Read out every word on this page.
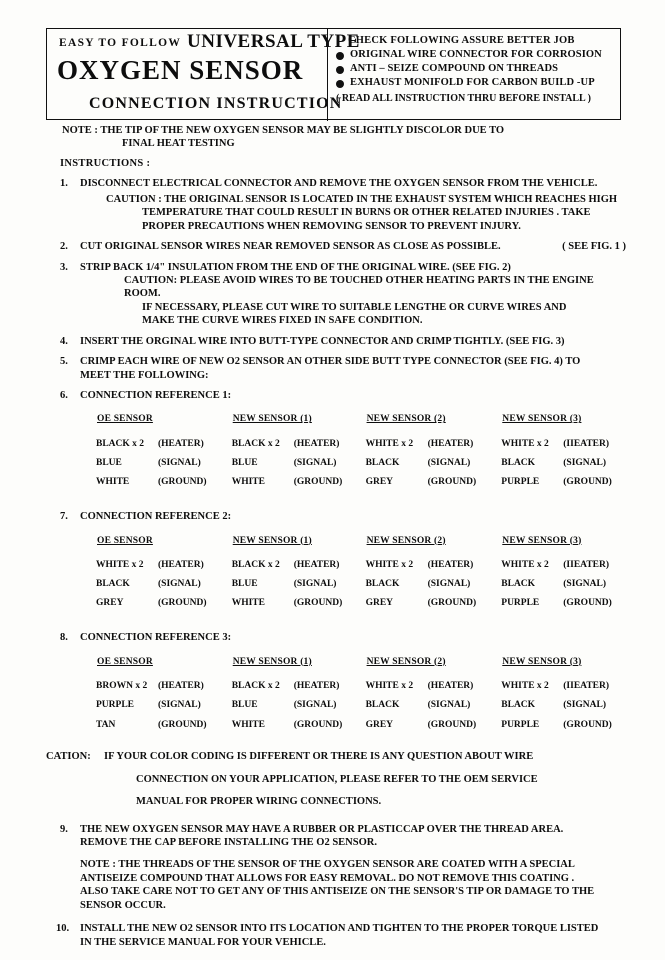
EASY TO FOLLOW UNIVERSAL TYPE
OXYGEN SENSOR
CONNECTION INSTRUCTION
CHECK FOLLOWING ASSURE BETTER JOB
ORIGINAL WIRE CONNECTOR FOR CORROSION
ANTI – SEIZE COMPOUND ON THREADS
EXHAUST MONIFOLD FOR CARBON BUILD -UP
( READ ALL INSTRUCTION THRU BEFORE INSTALL )
NOTE : THE TIP OF THE NEW OXYGEN SENSOR MAY BE SLIGHTLY DISCOLOR DUE TO
FINAL HEAT TESTING
INSTRUCTIONS :
1. DISCONNECT ELECTRICAL CONNECTOR AND REMOVE THE OXYGEN SENSOR FROM THE VEHICLE.
CAUTION : THE ORIGINAL SENSOR IS LOCATED IN THE EXHAUST SYSTEM WHICH REACHES HIGH
TEMPERATURE THAT COULD RESULT IN BURNS OR OTHER RELATED INJURIES . TAKE
PROPER PRECAUTIONS WHEN REMOVING SENSOR TO PREVENT INJURY.
2. CUT ORIGINAL SENSOR WIRES NEAR REMOVED SENSOR AS CLOSE AS POSSIBLE.	( SEE FIG. 1 )
3. STRIP BACK 1/4" INSULATION FROM THE END OF THE ORIGINAL WIRE. (SEE FIG. 2)
CAUTION: PLEASE AVOID WIRES TO BE TOUCHED OTHER HEATING PARTS IN THE ENGINE ROOM.
IF NECESSARY, PLEASE CUT WIRE TO SUITABLE LENGTHE OR CURVE WIRES AND
MAKE THE CURVE WIRES FIXED IN SAFE CONDITION.
4. INSERT THE ORGINAL WIRE INTO BUTT-TYPE CONNECTOR AND CRIMP TIGHTLY. (SEE FIG. 3)
5. CRIMP EACH WIRE OF NEW O2 SENSOR AN OTHER SIDE BUTT TYPE CONNECTOR (SEE FIG. 4) TO
MEET THE FOLLOWING:
6. CONNECTION REFERENCE 1:
OE SENSOR	NEW SENSOR (1)	NEW SENSOR (2)	NEW SENSOR (3)
BLACK x 2 (HEATER)	BLACK x 2 (HEATER)	WHITE x 2 (HEATER)	WHITE x 2 (IIEATER)
BLUE (SIGNAL)	BLUE (SIGNAL)	BLACK (SIGNAL)	BLACK (SIGNAL)
WHITE (GROUND)	WHITE (GROUND)	GREY (GROUND)	PURPLE (GROUND)
7. CONNECTION REFERENCE 2:
OE SENSOR	NEW SENSOR (1)	NEW SENSOR (2)	NEW SENSOR (3)
WHITE x 2 (HEATER)	BLACK x 2 (HEATER)	WHITE x 2 (HEATER)	WHITE x 2 (IIEATER)
BLACK (SIGNAL)	BLUE (SIGNAL)	BLACK (SIGNAL)	BLACK (SIGNAL)
GREY (GROUND)	WHITE (GROUND)	GREY (GROUND)	PURPLE (GROUND)
8. CONNECTION REFERENCE 3:
OE SENSOR	NEW SENSOR (1)	NEW SENSOR (2)	NEW SENSOR (3)
BROWN x 2 (HEATER)	BLACK x 2 (HEATER)	WHITE x 2 (HEATER)	WHITE x 2 (IIEATER)
PURPLE (SIGNAL)	BLUE (SIGNAL)	BLACK (SIGNAL)	BLACK (SIGNAL)
TAN (GROUND)	WHITE (GROUND)	GREY (GROUND)	PURPLE (GROUND)
CATION: IF YOUR COLOR CODING IS DIFFERENT OR THERE IS ANY QUESTION ABOUT WIRE
CONNECTION ON YOUR APPLICATION, PLEASE REFER TO THE OEM SERVICE
MANUAL FOR PROPER WIRING CONNECTIONS.
9. THE NEW OXYGEN SENSOR MAY HAVE A RUBBER OR PLASTICCAP OVER THE THREAD AREA.
REMOVE THE CAP BEFORE INSTALLING THE O2 SENSOR.
NOTE : THE THREADS OF THE SENSOR OF THE OXYGEN SENSOR ARE COATED WITH A SPECIAL
ANTISEIZE COMPOUND THAT ALLOWS FOR EASY REMOVAL. DO NOT REMOVE THIS COATING .
ALSO TAKE CARE NOT TO GET ANY OF THIS ANTISEIZE ON THE SENSOR'S TIP OR DAMAGE TO THE
SENSOR OCCUR.
10. INSTALL THE NEW O2 SENSOR INTO ITS LOCATION AND TIGHTEN TO THE PROPER TORQUE LISTED
IN THE SERVICE MANUAL FOR YOUR VEHICLE.
